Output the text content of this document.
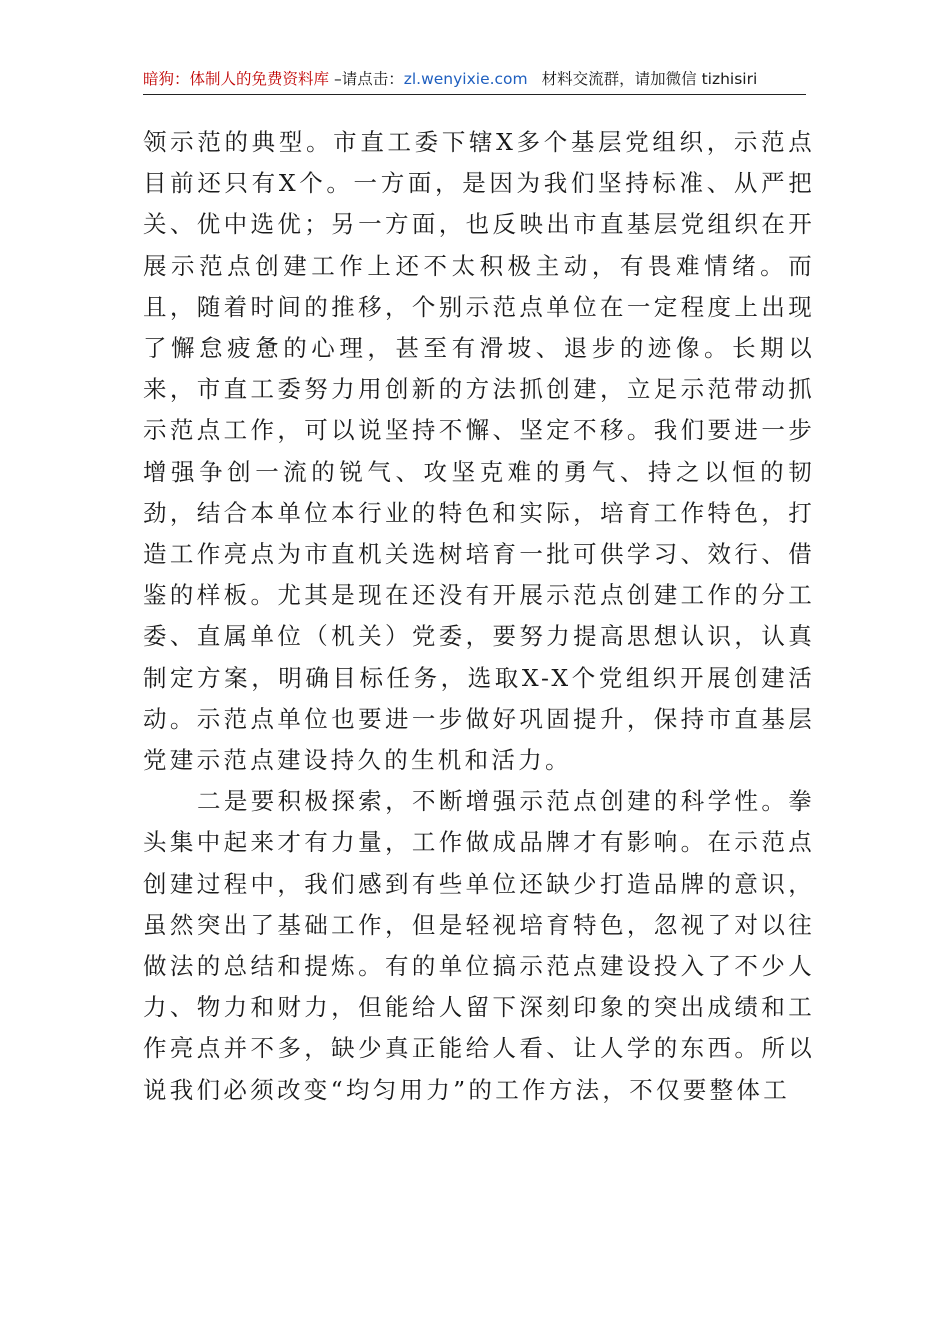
暗狗：体制人的免费资料库 –请点击：zl.wenyixie.com 材料交流群，请加微信 tizhisiri

领示范的典型。市直工委下辖X多个基层党组织，示范点目前还只有X个。一方面，是因为我们坚持标准、从严把关、优中选优；另一方面，也反映出市直基层党组织在开展示范点创建工作上还不太积极主动，有畏难情绪。而且，随着时间的推移，个别示范点单位在一定程度上出现了懈怠疲惫的心理，甚至有滑坡、退步的迹像。长期以来，市直工委努力用创新的方法抓创建，立足示范带动抓示范点工作，可以说坚持不懈、坚定不移。我们要进一步增强争创一流的锐气、攻坚克难的勇气、持之以恒的韧劲，结合本单位本行业的特色和实际，培育工作特色，打造工作亮点为市直机关选树培育一批可供学习、效行、借鉴的样板。尤其是现在还没有开展示范点创建工作的分工委、直属单位（机关）党委，要努力提高思想认识，认真制定方案，明确目标任务，选取X-X个党组织开展创建活动。示范点单位也要进一步做好巩固提升，保持市直基层党建示范点建设持久的生机和活力。

二是要积极探索，不断增强示范点创建的科学性。拳头集中起来才有力量，工作做成品牌才有影响。在示范点创建过程中，我们感到有些单位还缺少打造品牌的意识，虽然突出了基础工作，但是轻视培育特色，忽视了对以往做法的总结和提炼。有的单位搞示范点建设投入了不少人力、物力和财力，但能给人留下深刻印象的突出成绩和工作亮点并不多，缺少真正能给人看、让人学的东西。所以说我们必须改变“均匀用力”的工作方法，不仅要整体工
